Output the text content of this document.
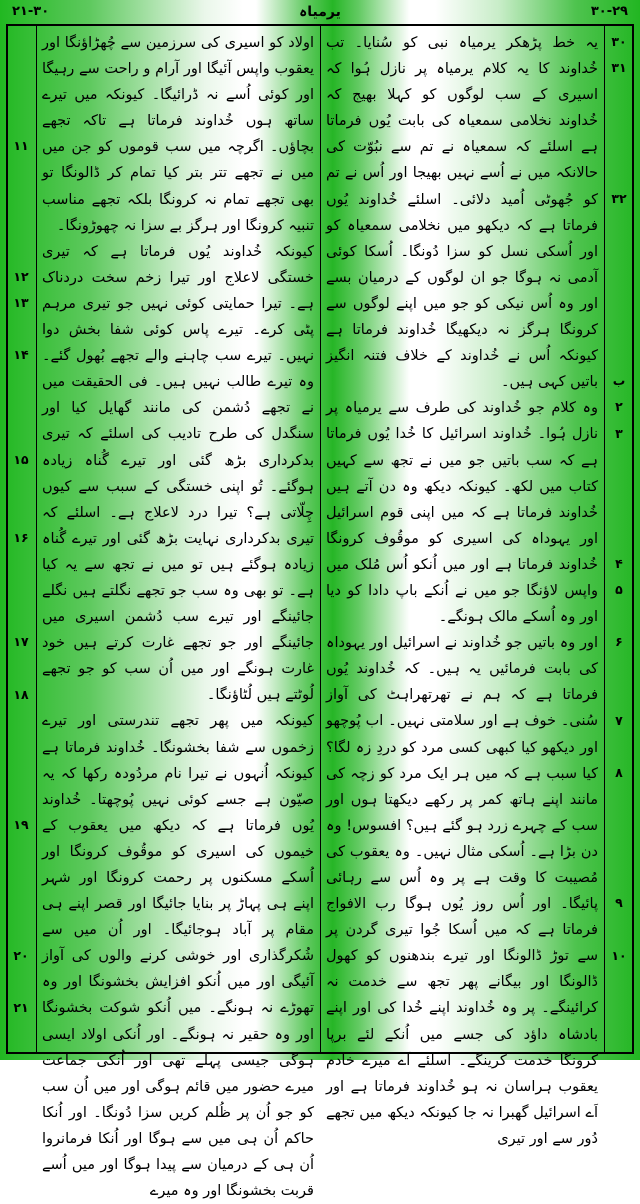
۲۱-۳۰	یرمیاہ	۳۰-۲۹
۳۰
۳۱
۳۲
ب
۲
۳
۴
۵
۶
۷
۸
۹
۱۰
۱۱
۱۲
۱۳
۱۴
۱۵
۱۶
۱۷
۱۸
۱۹
۲۰
۲۱

یہ خط پڑھکر یرمیاہ نبی کو سُنایا۔ تب خُداوند کا یہ کلام یرمیاہ پر نازل ہُوا کہ اسیری کے سب لوگوں کو کہلا بھیج کہ خُداوند نخلامی سمعیاہ کی بابت یُوں فرماتا ہے اسلئے کہ سمعیاہ نے تم سے نبُوّت کی حالانکہ میں نے اُسے نہیں بھیجا اور اُس نے تم کو جُھوٹی اُمید دلائی۔ اسلئے خُداوند یُوں فرماتا ہے کہ دیکھو میں نخلامی سمعیاہ کو اور اُسکی نسل کو سزا دُونگا۔ اُسکا کوئی آدمی نہ ہوگا جو ان لوگوں کے درمیان بسے اور وہ اُس نیکی کو جو میں اپنے لوگوں سے کرونگا ہرگز نہ دیکھیگا خُداوند فرماتا ہے کیونکہ اُس نے خُداوند کے خلاف فتنہ انگیز باتیں کہی ہیں۔

وہ کلام جو خُداوند کی طرف سے یرمیاہ پر نازل ہُوا۔ خُداوند اسرائیل کا خُدا یُوں فرماتا ہے کہ سب باتیں جو میں نے تجھ سے کہیں کتاب میں لکھ۔ کیونکہ دیکھ وہ دن آتے ہیں خُداوند فرماتا ہے کہ میں اپنی قوم اسرائیل اور یہوداہ کی اسیری کو موقُوف کرونگا خُداوند فرماتا ہے اور میں اُنکو اُس مُلک میں واپس لاؤنگا جو میں نے اُنکے باپ دادا کو دیا اور وہ اُسکے مالک ہونگے۔

اور وہ باتیں جو خُداوند نے اسرائیل اور یہوداہ کی بابت فرمائیں یہ ہیں۔ کہ خُداوند یُوں فرماتا ہے کہ ہم نے تھرتھراہٹ کی آواز سُنی۔ خوف ہے اور سلامتی نہیں۔ اب پُوچھو اور دیکھو کیا کبھی کسی مرد کو دردِ زہ لگا؟ کیا سبب ہے کہ میں ہر ایک مرد کو زچہ کی مانند اپنے ہاتھ کمر پر رکھے دیکھتا ہوں اور سب کے چہرے زرد ہو گئے ہیں؟ افسوس! وہ دن بڑا ہے۔ اُسکی مثال نہیں۔ وہ یعقوب کی مُصیبت کا وقت ہے پر وہ اُس سے رہائی پائیگا۔ اور اُس روز یُوں ہوگا رب الافواج فرماتا ہے کہ میں اُسکا جُوا تیری گردن پر سے توڑ ڈالونگا اور تیرے بندھنوں کو کھول ڈالونگا اور بیگانے پھر تجھ سے خدمت نہ کرائینگے۔ پر وہ خُداوند اپنے خُدا کی اور اپنے بادشاہ داؤد کی جسے میں اُنکے لئے برپا کرونگا خدمت کرینگے۔ اسلئے اَے میرے خادم یعقوب ہراسان نہ ہو خُداوند فرماتا ہے اور اَے اسرائیل گھبرا نہ جا کیونکہ دیکھ میں تجھے دُور سے اور تیری

اولاد کو اسیری کی سرزمین سے چُھڑاؤنگا اور یعقوب واپس آئیگا اور آرام و راحت سے رہیگا اور کوئی اُسے نہ ڈرائیگا۔ کیونکہ میں تیرے ساتھ ہوں خُداوند فرماتا ہے تاکہ تجھے بچاؤں۔ اگرچہ میں سب قوموں کو جن میں میں نے تجھے تتر بتر کیا تمام کر ڈالونگا تو بھی تجھے تمام نہ کرونگا بلکہ تجھے مناسب تنبیہ کرونگا اور ہرگز بے سزا نہ چھوڑونگا۔

کیونکہ خُداوند یُوں فرماتا ہے کہ تیری خستگی لاعلاج اور تیرا زخم سخت دردناک ہے۔ تیرا حمایتی کوئی نہیں جو تیری مرہم پٹی کرے۔ تیرے پاس کوئی شفا بخش دوا نہیں۔ تیرے سب چاہنے والے تجھے بُھول گئے۔ وہ تیرے طالب نہیں ہیں۔ فی الحقیقت میں نے تجھے دُشمن کی مانند گھایل کیا اور سنگدل کی طرح تادیب کی اسلئے کہ تیری بدکرداری بڑھ گئی اور تیرے گُناہ زیادہ ہوگئے۔ تُو اپنی خستگی کے سبب سے کیوں چِلّاتی ہے؟ تیرا درد لاعلاج ہے۔ اسلئے کہ تیری بدکرداری نہایت بڑھ گئی اور تیرے گُناہ زیادہ ہوگئے ہیں تو میں نے تجھ سے یہ کیا ہے۔ تو بھی وہ سب جو تجھے نگلتے ہیں نگلے جائینگے اور تیرے سب دُشمن اسیری میں جائینگے اور جو تجھے غارت کرتے ہیں خود غارت ہونگے اور میں اُن سب کو جو تجھے لُوٹتے ہیں لُٹاؤنگا۔

کیونکہ میں پھر تجھے تندرستی اور تیرے زخموں سے شفا بخشونگا۔ خُداوند فرماتا ہے کیونکہ اُنہوں نے تیرا نام مردُودہ رکھا کہ یہ صیّون ہے جسے کوئی نہیں پُوچھتا۔ خُداوند یُوں فرماتا ہے کہ دیکھ میں یعقوب کے خیموں کی اسیری کو موقُوف کرونگا اور اُسکے مسکنوں پر رحمت کرونگا اور شہر اپنے ہی پہاڑ پر بنایا جائیگا اور قصر اپنے ہی مقام پر آباد ہوجائیگا۔ اور اُن میں سے شُکرگذاری اور خوشی کرنے والوں کی آواز آئیگی اور میں اُنکو افزایش بخشونگا اور وہ تھوڑے نہ ہونگے۔ میں اُنکو شوکت بخشونگا اور وہ حقیر نہ ہونگے۔ اور اُنکی اولاد ایسی ہوگی جیسی پہلے تھی اور اُنکی جماعت میرے حضور میں قائم ہوگی اور میں اُن سب کو جو اُن پر ظُلم کریں سزا دُونگا۔ اور اُنکا حاکم اُن ہی میں سے ہوگا اور اُنکا فرمانروا اُن ہی کے درمیان سے پیدا ہوگا اور میں اُسے قربت بخشونگا اور وہ میرے
